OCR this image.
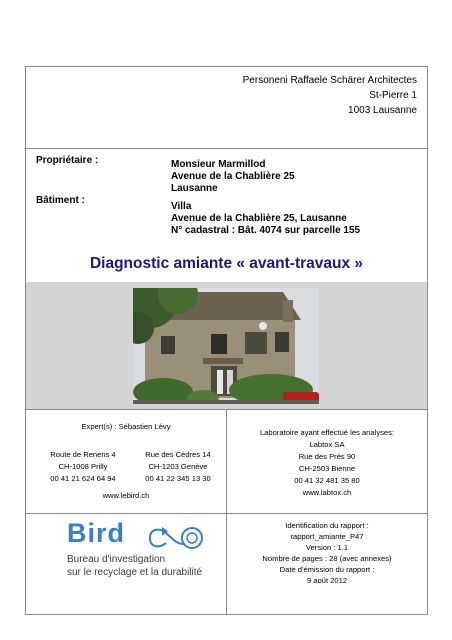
Personeni Raffaele Schärer Architectes
St-Pierre 1
1003 Lausanne
Propriétaire :	Monsieur Marmillod
Avenue de la Chablière 25
Lausanne
Bâtiment :
Villa
Avenue de la Chablière 25, Lausanne
N° cadastral : Bât. 4074 sur parcelle 155
Diagnostic amiante « avant-travaux »
Expert(s) : Sébastien Lévy
Route de Renens 4
CH-1008 Prilly
00 41 21 624 64 94
Rue des Cèdres 14
CH-1203 Genève
00 41 22 345 13 30
www.lebird.ch
Laboratoire ayant effectué les analyses:
Labtox SA
Rue des Prés 90
CH-2503 Bienne
00 41 32 481 35 80
www.labtox.ch
Bird
Bureau d'investigation
sur le recyclage et la durabilité
Identification du rapport :
rapport_amiante_P47
Version : 1.1
Nombre de pages : 28 (avec annexes)
Date d'émission du rapport :
9 août 2012
